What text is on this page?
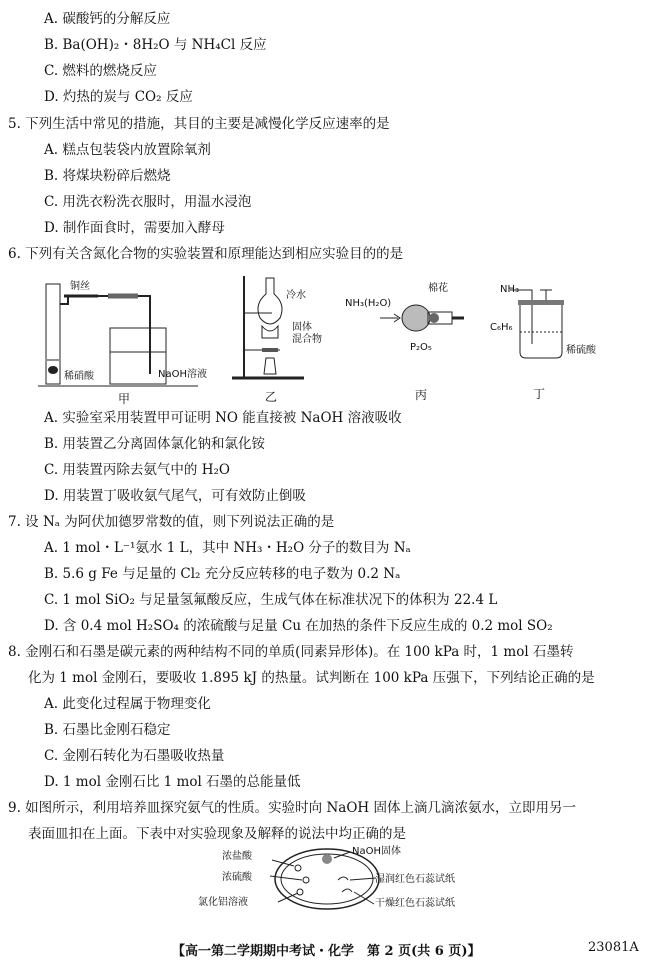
A. 碳酸钙的分解反应
B. Ba(OH)₂・8H₂O 与 NH₄Cl 反应
C. 燃料的燃烧反应
D. 灼热的炭与 CO₂ 反应
5. 下列生活中常见的措施，其目的主要是减慢化学反应速率的是
A. 糕点包装袋内放置除氧剂
B. 将煤块粉碎后燃烧
C. 用洗衣粉洗衣服时，用温水浸泡
D. 制作面食时，需要加入酵母
6. 下列有关含氮化合物的实验装置和原理能达到相应实验目的的是
铜丝
稀硝酸	NaOH溶液
甲
冷水
固体
混合物
乙
NH₃(H₂O)
棉花
P₂O₅
丙
NH₃
C₆H₆
稀硫酸
丁
A. 实验室采用装置甲可证明 NO 能直接被 NaOH 溶液吸收
B. 用装置乙分离固体氯化钠和氯化铵
C. 用装置丙除去氨气中的 H₂O
D. 用装置丁吸收氨气尾气，可有效防止倒吸
7. 设 Nₐ 为阿伏加德罗常数的值，则下列说法正确的是
A. 1 mol・L⁻¹氨水 1 L，其中 NH₃・H₂O 分子的数目为 Nₐ
B. 5.6 g Fe 与足量的 Cl₂ 充分反应转移的电子数为 0.2 Nₐ
C. 1 mol SiO₂ 与足量氢氟酸反应，生成气体在标准状况下的体积为 22.4 L
D. 含 0.4 mol H₂SO₄ 的浓硫酸与足量 Cu 在加热的条件下反应生成的 0.2 mol SO₂
8. 金刚石和石墨是碳元素的两种结构不同的单质(同素异形体)。在 100 kPa 时，1 mol 石墨转
化为 1 mol 金刚石，要吸收 1.895 kJ 的热量。试判断在 100 kPa 压强下，下列结论正确的是
A. 此变化过程属于物理变化
B. 石墨比金刚石稳定
C. 金刚石转化为石墨吸收热量
D. 1 mol 金刚石比 1 mol 石墨的总能量低
9. 如图所示，利用培养皿探究氨气的性质。实验时向 NaOH 固体上滴几滴浓氨水，立即用另一
表面皿扣在上面。下表中对实验现象及解释的说法中均正确的是
浓盐酸	NaOH固体
浓硫酸	湿润红色石蕊试纸
氯化铝溶液	干燥红色石蕊试纸
【高一第二学期期中考试・化学　第 2 页(共 6 页)】	23081A
